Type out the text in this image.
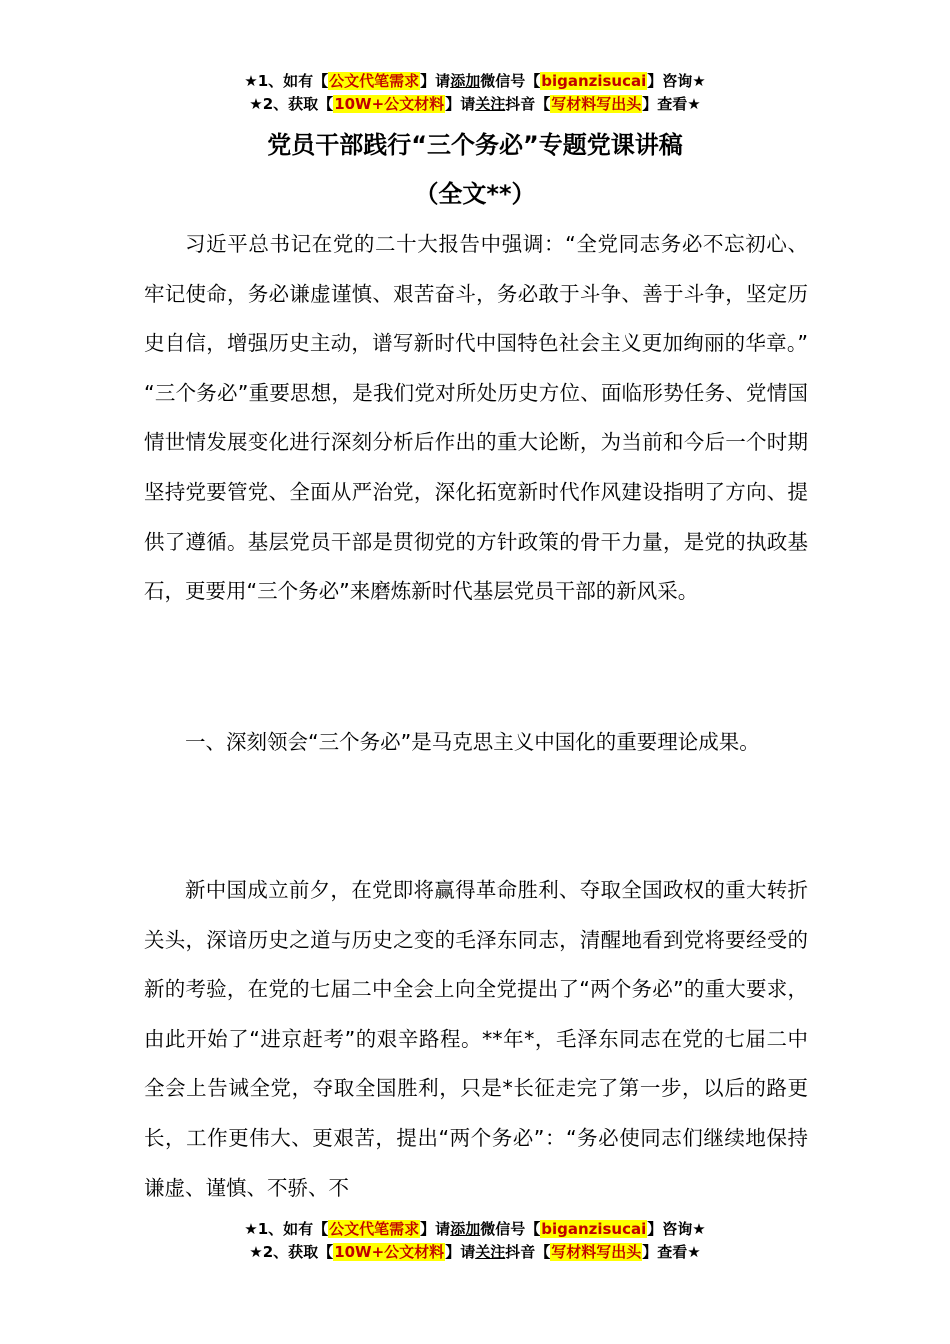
★1、如有【公文代笔需求】请添加微信号【biganzisucai】咨询★
★2、获取【10W+公文材料】请关注抖音【写材料写出头】查看★
党员干部践行“三个务必”专题党课讲稿
（全文**）

习近平总书记在党的二十大报告中强调：“全党同志务必不忘初心、牢记使命，务必谦虚谨慎、艰苦奋斗，务必敢于斗争、善于斗争，坚定历史自信，增强历史主动，谱写新时代中国特色社会主义更加绚丽的华章。” “三个务必”重要思想，是我们党对所处历史方位、面临形势任务、党情国情世情发展变化进行深刻分析后作出的重大论断，为当前和今后一个时期坚持党要管党、全面从严治党，深化拓宽新时代作风建设指明了方向、提供了遵循。基层党员干部是贯彻党的方针政策的骨干力量，是党的执政基石，更要用“三个务必”来磨炼新时代基层党员干部的新风采。

一、深刻领会“三个务必”是马克思主义中国化的重要理论成果。

新中国成立前夕，在党即将赢得革命胜利、夺取全国政权的重大转折关头，深谙历史之道与历史之变的毛泽东同志，清醒地看到党将要经受的新的考验，在党的七届二中全会上向全党提出了“两个务必”的重大要求，由此开始了“进京赶考”的艰辛路程。**年*，毛泽东同志在党的七届二中全会上告诫全党，夺取全国胜利，只是*长征走完了第一步，以后的路更长，工作更伟大、更艰苦，提出“两个务必”：“务必使同志们继续地保持谦虚、谨慎、不骄、不

★1、如有【公文代笔需求】请添加微信号【biganzisucai】咨询★
★2、获取【10W+公文材料】请关注抖音【写材料写出头】查看★
